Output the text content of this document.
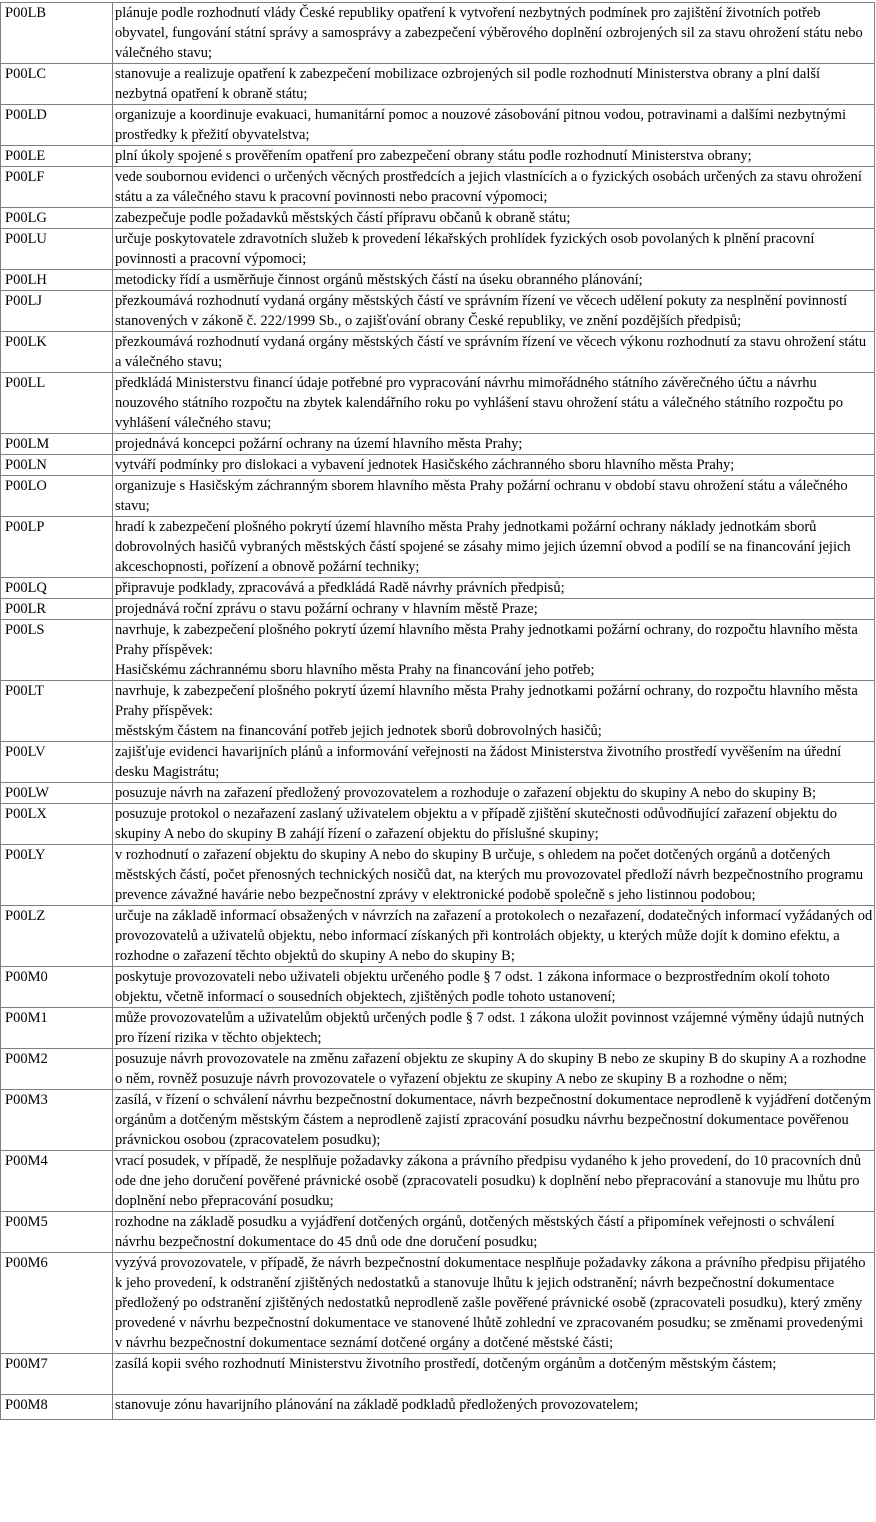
P00LB	plánuje podle rozhodnutí vlády České republiky opatření k vytvoření nezbytných podmínek pro zajištění životních potřeb obyvatel, fungování státní správy a samosprávy a zabezpečení výběrového doplnění ozbrojených sil za stavu ohrožení státu nebo válečného stavu;
P00LC	stanovuje a realizuje opatření k zabezpečení mobilizace ozbrojených sil podle rozhodnutí Ministerstva obrany a plní další nezbytná opatření k obraně státu;
P00LD	organizuje a koordinuje evakuaci, humanitární pomoc a nouzové zásobování pitnou vodou, potravinami a dalšími nezbytnými prostředky k přežití obyvatelstva;
P00LE	plní úkoly spojené s prověřením opatření pro zabezpečení obrany státu podle rozhodnutí Ministerstva obrany;
P00LF	vede soubornou evidenci o určených věcných prostředcích a jejich vlastnících a o fyzických osobách určených za stavu ohrožení státu a za válečného stavu k pracovní povinnosti nebo pracovní výpomoci;
P00LG	zabezpečuje podle požadavků městských částí přípravu občanů k obraně státu;
P00LU	určuje poskytovatele zdravotních služeb k provedení lékařských prohlídek fyzických osob povolaných k plnění pracovní povinnosti a pracovní výpomoci;
P00LH	metodicky řídí a usměrňuje činnost orgánů městských částí na úseku obranného plánování;
P00LJ	přezkoumává rozhodnutí vydaná orgány městských částí ve správním řízení ve věcech udělení pokuty za nesplnění povinností stanovených v zákoně č. 222/1999 Sb., o zajišťování obrany České republiky, ve znění pozdějších předpisů;
P00LK	přezkoumává rozhodnutí vydaná orgány městských částí ve správním řízení ve věcech výkonu rozhodnutí za stavu ohrožení státu a válečného stavu;
P00LL	předkládá Ministerstvu financí údaje potřebné pro vypracování návrhu mimořádného státního závěrečného účtu a návrhu nouzového státního rozpočtu na zbytek kalendářního roku po vyhlášení stavu ohrožení státu a válečného státního rozpočtu po vyhlášení válečného stavu;
P00LM	projednává koncepci požární ochrany na území hlavního města Prahy;
P00LN	vytváří podmínky pro dislokaci a vybavení jednotek Hasičského záchranného sboru hlavního města Prahy;
P00LO	organizuje s Hasičským záchranným sborem hlavního města Prahy požární ochranu v období stavu ohrožení státu a válečného stavu;
P00LP	hradí k zabezpečení plošného pokrytí území hlavního města Prahy jednotkami požární ochrany náklady jednotkám sborů dobrovolných hasičů vybraných městských částí spojené se zásahy mimo jejich územní obvod a podílí se na financování jejich akceschopnosti, pořízení a obnově požární techniky;
P00LQ	připravuje podklady, zpracovává a předkládá Radě návrhy právních předpisů;
P00LR	projednává roční zprávu o stavu požární ochrany v hlavním městě Praze;
P00LS	navrhuje, k zabezpečení plošného pokrytí území hlavního města Prahy jednotkami požární ochrany, do rozpočtu hlavního města Prahy příspěvek:
Hasičskému záchrannému sboru hlavního města Prahy na financování jeho potřeb;
P00LT	navrhuje, k zabezpečení plošného pokrytí území hlavního města Prahy jednotkami požární ochrany, do rozpočtu hlavního města Prahy příspěvek:
městským částem na financování potřeb jejich jednotek sborů dobrovolných hasičů;
P00LV	zajišťuje evidenci havarijních plánů a informování veřejnosti na žádost Ministerstva životního prostředí vyvěšením na úřední desku Magistrátu;
P00LW	posuzuje návrh na zařazení předložený provozovatelem a rozhoduje o zařazení objektu do skupiny A nebo do skupiny B;
P00LX	posuzuje protokol o nezařazení zaslaný uživatelem objektu a v případě zjištění skutečnosti odůvodňující zařazení objektu do skupiny A nebo do skupiny B zahájí řízení o zařazení objektu do příslušné skupiny;
P00LY	v rozhodnutí o zařazení objektu do skupiny A nebo do skupiny B určuje, s ohledem na počet dotčených orgánů a dotčených městských částí, počet přenosných technických nosičů dat, na kterých mu provozovatel předloží návrh bezpečnostního programu prevence závažné havárie nebo bezpečnostní zprávy v elektronické podobě společně s jeho listinnou podobou;
P00LZ	určuje na základě informací obsažených v návrzích na zařazení a protokolech o nezařazení, dodatečných informací vyžádaných od provozovatelů a uživatelů objektu, nebo informací získaných při kontrolách objekty, u kterých může dojít k domino efektu, a rozhodne o zařazení těchto objektů do skupiny A nebo do skupiny B;
P00M0	poskytuje provozovateli nebo uživateli objektu určeného podle § 7 odst. 1 zákona informace o bezprostředním okolí tohoto objektu, včetně informací o sousedních objektech, zjištěných podle tohoto ustanovení;
P00M1	může provozovatelům a uživatelům objektů určených podle § 7 odst. 1 zákona uložit povinnost vzájemné výměny údajů nutných pro řízení rizika v těchto objektech;
P00M2	posuzuje návrh provozovatele na změnu zařazení objektu ze skupiny A do skupiny B nebo ze skupiny B do skupiny A a rozhodne o něm, rovněž posuzuje návrh provozovatele o vyřazení objektu ze skupiny A nebo ze skupiny B a rozhodne o něm;
P00M3	zasílá, v řízení o schválení návrhu bezpečnostní dokumentace, návrh bezpečnostní dokumentace neprodleně k vyjádření dotčeným orgánům a dotčeným městským částem a neprodleně zajistí zpracování posudku návrhu bezpečnostní dokumentace pověřenou právnickou osobou (zpracovatelem posudku);
P00M4	vrací posudek, v případě, že nesplňuje požadavky zákona a právního předpisu vydaného k jeho provedení, do 10 pracovních dnů ode dne jeho doručení pověřené právnické osobě (zpracovateli posudku) k doplnění nebo přepracování a stanovuje mu lhůtu pro doplnění nebo přepracování posudku;
P00M5	rozhodne na základě posudku a vyjádření dotčených orgánů, dotčených městských částí a připomínek veřejnosti o schválení návrhu bezpečnostní dokumentace do 45 dnů ode dne doručení posudku;
P00M6	vyzývá provozovatele, v případě, že návrh bezpečnostní dokumentace nesplňuje požadavky zákona a právního předpisu přijatého k jeho provedení, k odstranění zjištěných nedostatků a stanovuje lhůtu k jejich odstranění; návrh bezpečnostní dokumentace předložený po odstranění zjištěných nedostatků neprodleně zašle pověřené právnické osobě (zpracovateli posudku), který změny provedené v návrhu bezpečnostní dokumentace ve stanovené lhůtě zohlední ve zpracovaném posudku; se změnami provedenými v návrhu bezpečnostní dokumentace seznámí dotčené orgány a dotčené městské části;
P00M7	zasílá kopii svého rozhodnutí Ministerstvu životního prostředí, dotčeným orgánům a dotčeným městským částem;
P00M8	stanovuje zónu havarijního plánování na základě podkladů předložených provozovatelem;
